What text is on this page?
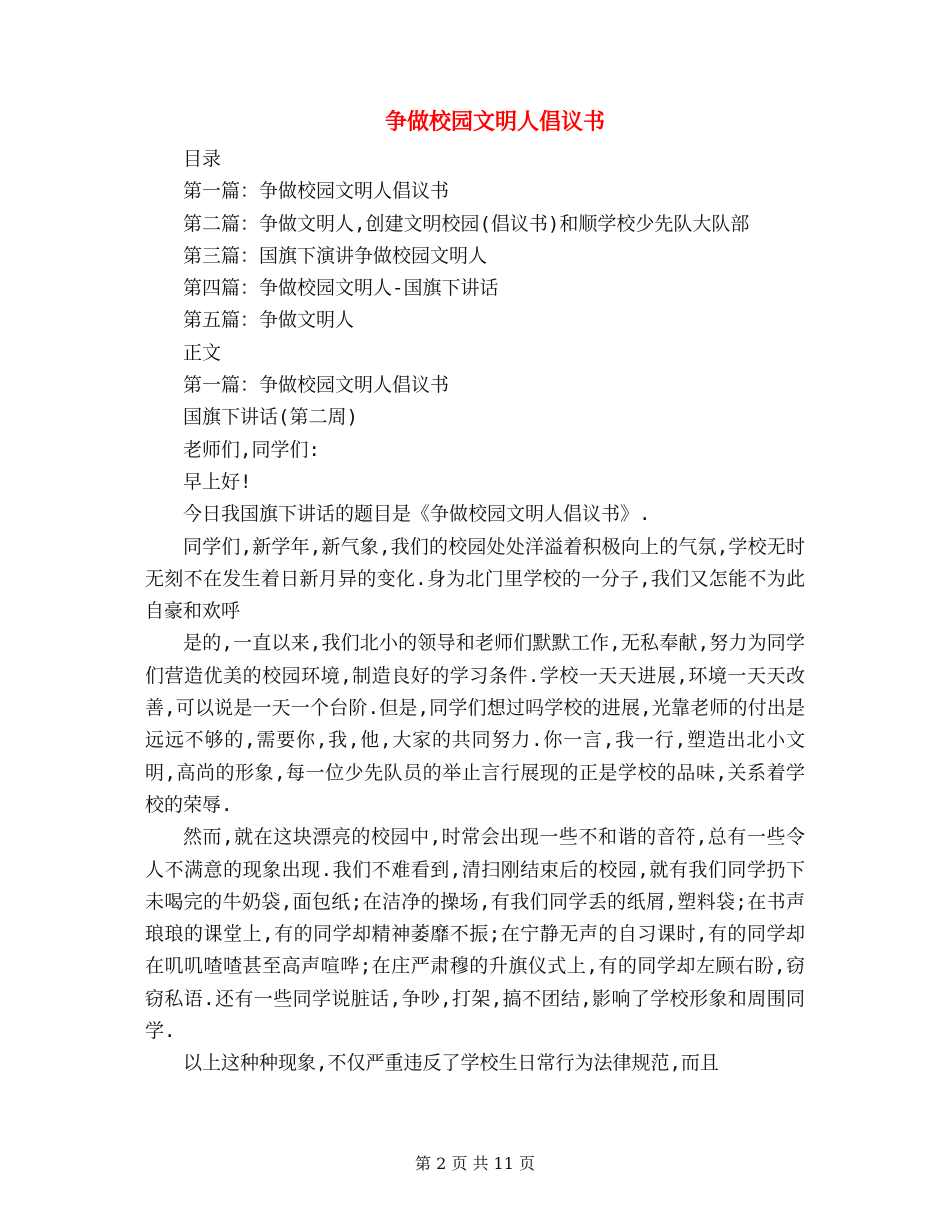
争做校园文明人倡议书

目录

第一篇：争做校园文明人倡议书

第二篇：争做文明人,创建文明校园(倡议书)和顺学校少先队大队部

第三篇：国旗下演讲争做校园文明人

第四篇：争做校园文明人-国旗下讲话

第五篇：争做文明人

正文

第一篇：争做校园文明人倡议书

国旗下讲话(第二周)

老师们,同学们:

早上好!

今日我国旗下讲话的题目是《争做校园文明人倡议书》.

同学们,新学年,新气象,我们的校园处处洋溢着积极向上的气氛,学校无时无刻不在发生着日新月异的变化.身为北门里学校的一分子,我们又怎能不为此自豪和欢呼

是的,一直以来,我们北小的领导和老师们默默工作,无私奉献,努力为同学们营造优美的校园环境,制造良好的学习条件.学校一天天进展,环境一天天改善,可以说是一天一个台阶.但是,同学们想过吗学校的进展,光靠老师的付出是远远不够的,需要你,我,他,大家的共同努力.你一言,我一行,塑造出北小文明,高尚的形象,每一位少先队员的举止言行展现的正是学校的品味,关系着学校的荣辱.

然而,就在这块漂亮的校园中,时常会出现一些不和谐的音符,总有一些令人不满意的现象出现.我们不难看到,清扫刚结束后的校园,就有我们同学扔下未喝完的牛奶袋,面包纸;在洁净的操场,有我们同学丢的纸屑,塑料袋;在书声琅琅的课堂上,有的同学却精神萎靡不振;在宁静无声的自习课时,有的同学却在叽叽喳喳甚至高声喧哗;在庄严肃穆的升旗仪式上,有的同学却左顾右盼,窃窃私语.还有一些同学说脏话,争吵,打架,搞不团结,影响了学校形象和周围同学.

以上这种种现象,不仅严重违反了学校生日常行为法律规范,而且

第 2 页 共 11 页
